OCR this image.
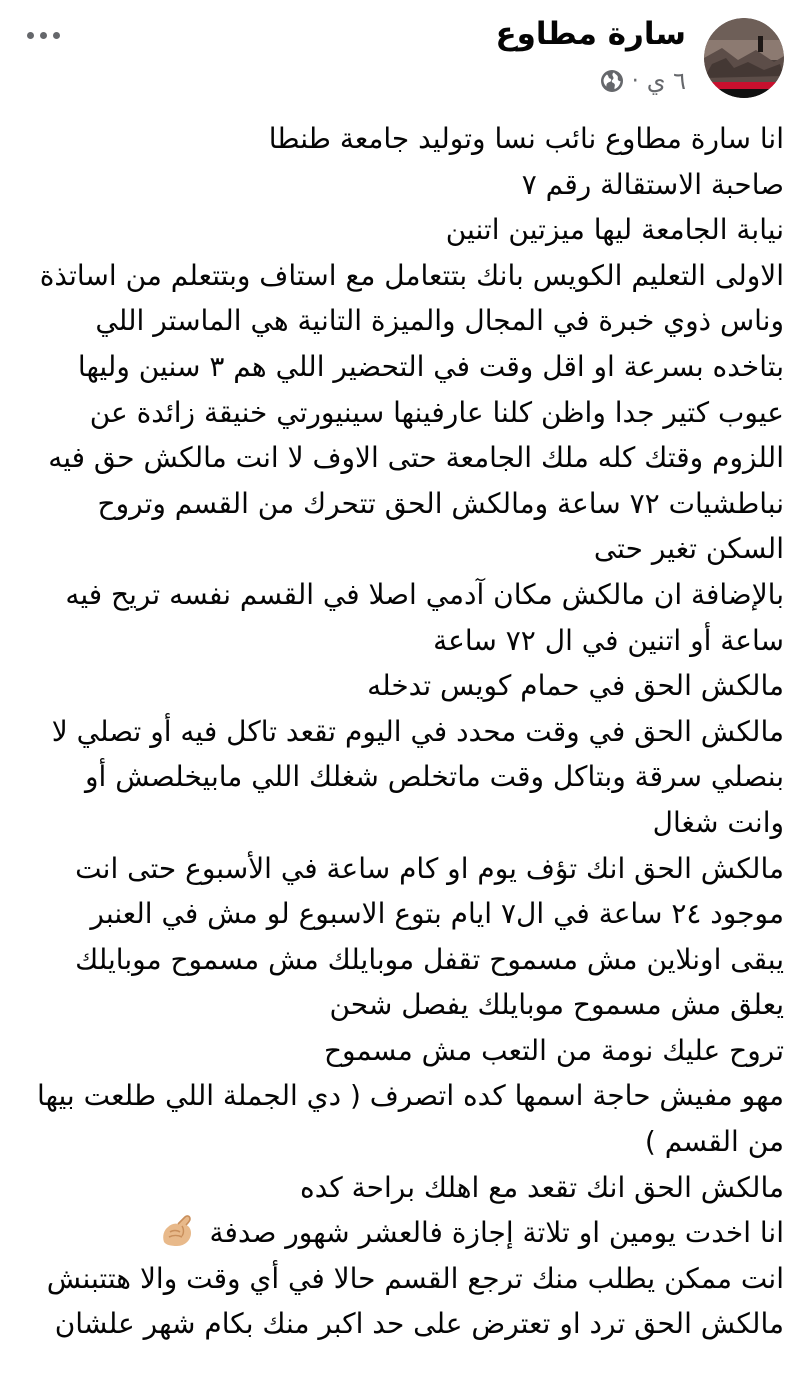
سارة مطاوع
٦ ي
·

انا سارة مطاوع نائب نسا وتوليد جامعة طنطا

صاحبة الاستقالة رقم ٧

نيابة الجامعة ليها ميزتين اتنين

الاولى التعليم الكويس بانك بتتعامل مع استاف وبتتعلم من اساتذة وناس ذوي خبرة في المجال والميزة التانية هي الماستر اللي بتاخده بسرعة او اقل وقت في التحضير اللي هم ٣ سنين وليها عيوب كتير جدا واظن كلنا عارفينها سينيورتي خنيقة زائدة عن اللزوم وقتك كله ملك الجامعة حتى الاوف لا انت مالكش حق فيه نباطشيات ٧٢ ساعة ومالكش الحق تتحرك من القسم وتروح السكن تغير حتى

بالإضافة ان مالكش مكان آدمي اصلا في القسم نفسه تريح فيه ساعة أو اتنين في ال ٧٢ ساعة

مالكش الحق في حمام كويس تدخله

مالكش الحق في وقت محدد في اليوم تقعد تاكل فيه أو تصلي لا بنصلي سرقة وبتاكل وقت ماتخلص شغلك اللي مابيخلصش أو وانت شغال

مالكش الحق انك تؤف يوم او كام ساعة في الأسبوع حتى انت موجود ٢٤ ساعة في ال٧ ايام بتوع الاسبوع لو مش في العنبر يبقى اونلاين مش مسموح تقفل موبايلك مش مسموح موبايلك يعلق مش مسموح موبايلك يفصل شحن

تروح عليك نومة من التعب مش مسموح

مهو مفيش حاجة اسمها كده اتصرف ( دي الجملة اللي طلعت بيها من القسم )

مالكش الحق انك تقعد مع اهلك براحة كده

انا اخدت يومين او تلاتة إجازة فالعشر شهور صدفة

انت ممكن يطلب منك ترجع القسم حالا في أي وقت والا هتتبنش

مالكش الحق ترد او تعترض على حد اكبر منك بكام شهر علشان
